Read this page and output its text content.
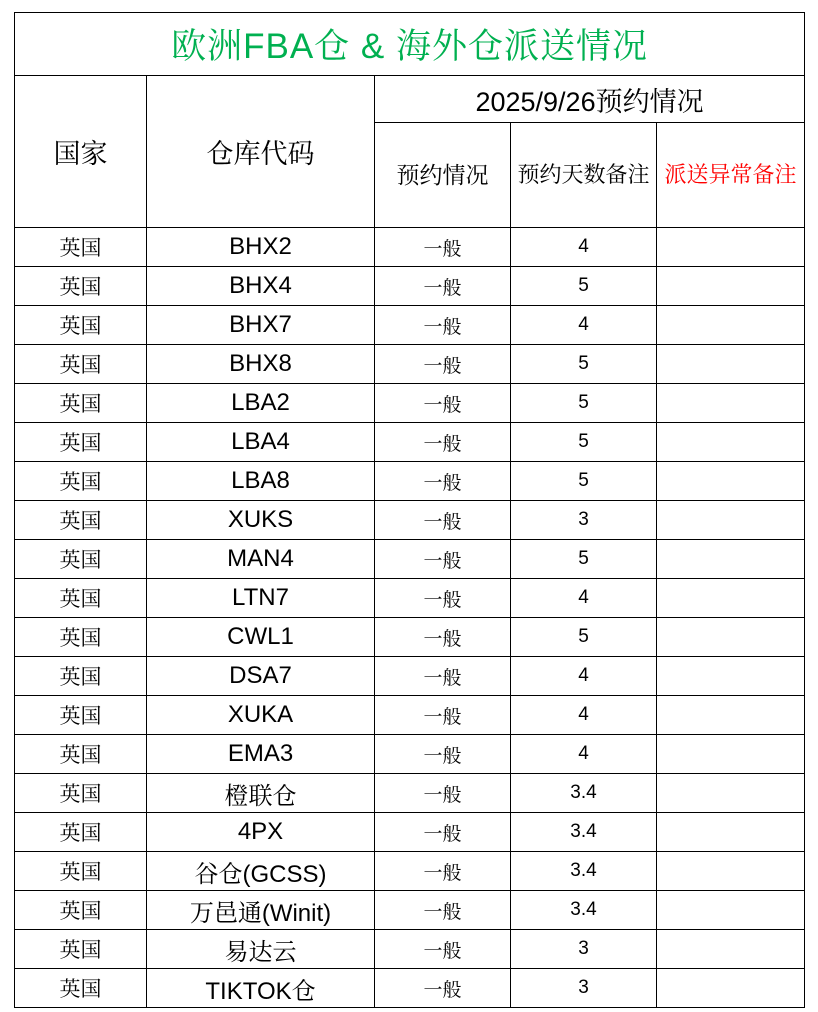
欧洲FBA仓 & 海外仓派送情况				
国家	仓库代码	2025/9/26预约情况		
		预约情况	预约天数备注	派送异常备注
英国	BHX2	一般	4	
英国	BHX4	一般	5	
英国	BHX7	一般	4	
英国	BHX8	一般	5	
英国	LBA2	一般	5	
英国	LBA4	一般	5	
英国	LBA8	一般	5	
英国	XUKS	一般	3	
英国	MAN4	一般	5	
英国	LTN7	一般	4	
英国	CWL1	一般	5	
英国	DSA7	一般	4	
英国	XUKA	一般	4	
英国	EMA3	一般	4	
英国	橙联仓	一般	3.4	
英国	4PX	一般	3.4	
英国	谷仓(GCSS)	一般	3.4	
英国	万邑通(Winit)	一般	3.4	
英国	易达云	一般	3	
英国	TIKTOK仓	一般	3	
